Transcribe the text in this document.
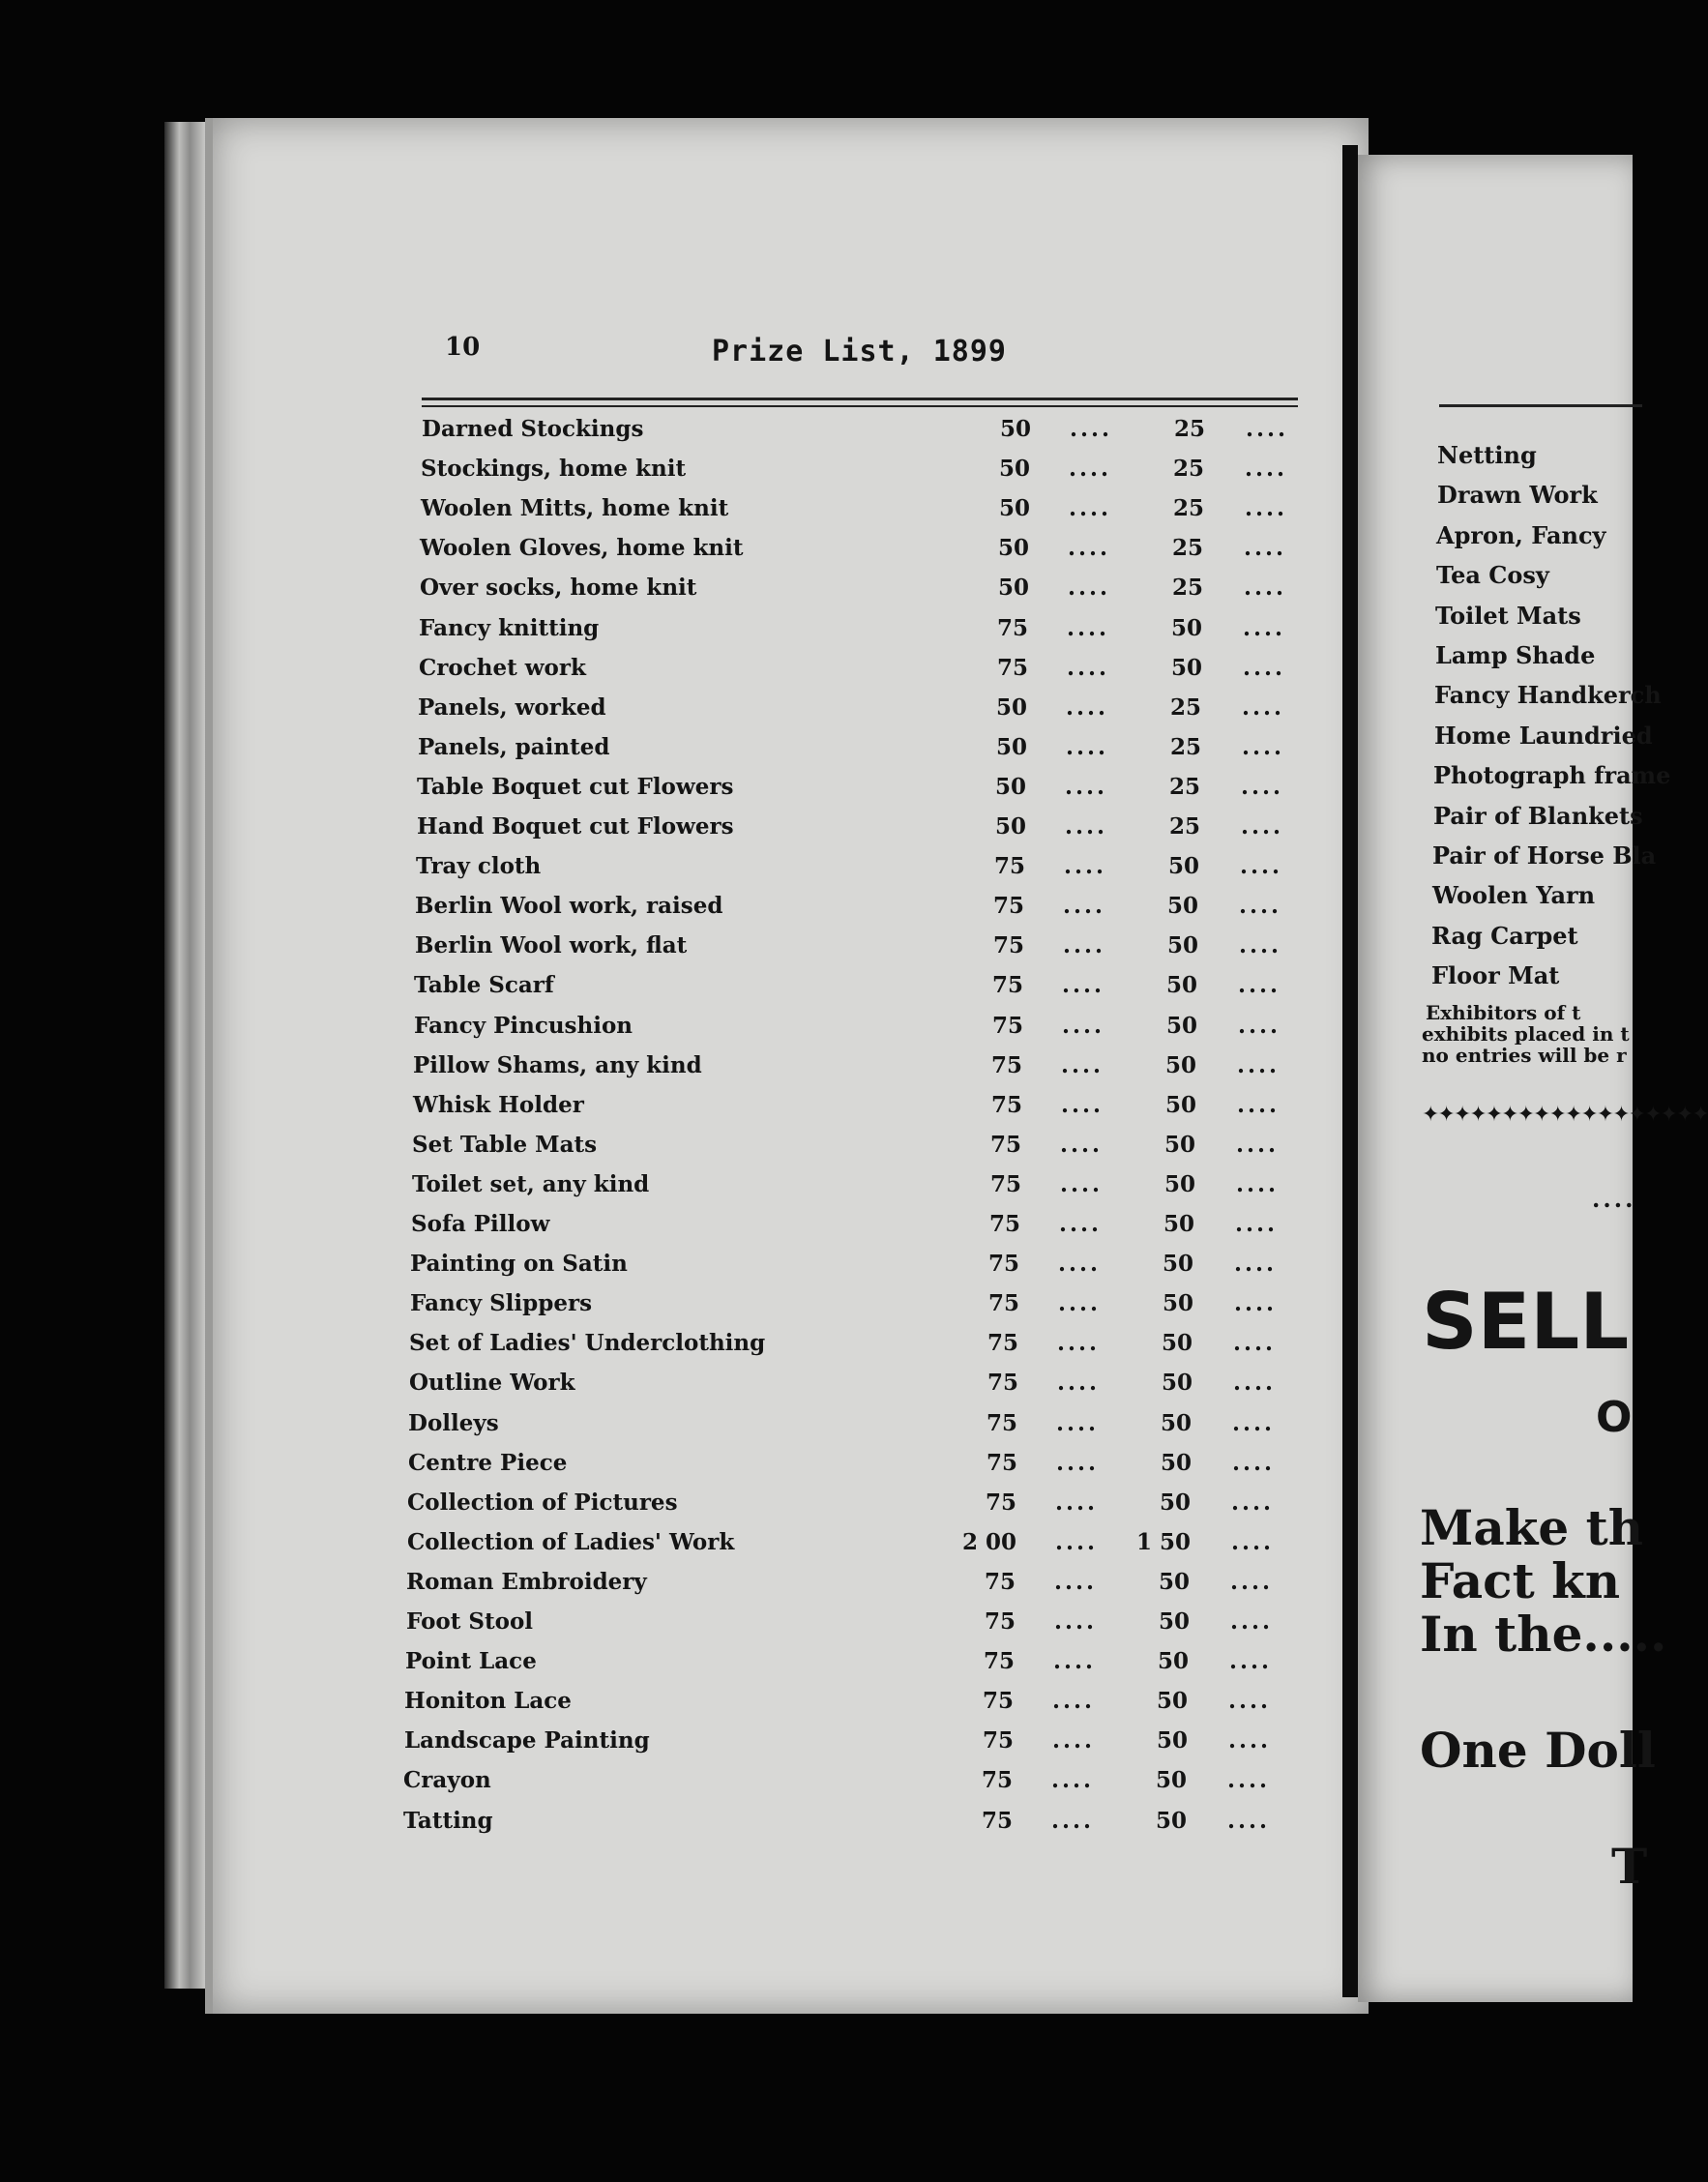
10	Prize List, 1899
Darned Stockings	50 ....	25 ....
Stockings, home knit	50 ....	25 ....
Woolen Mitts, home knit	50 ....	25 ....
Woolen Gloves, home knit	50 ....	25 ....
Over socks, home knit	50 ....	25 ....
Fancy knitting	75 ....	50 ....
Crochet work	75 ....	50 ....
Panels, worked	50 ....	25 ....
Panels, painted	50 ....	25 ....
Table Boquet cut Flowers	50 ....	25 ....
Hand Boquet cut Flowers	50 ....	25 ....
Tray cloth	75 ....	50 ....
Berlin Wool work, raised	75 ....	50 ....
Berlin Wool work, flat	75 ....	50 ....
Table Scarf	75 ....	50 ....
Fancy Pincushion	75 ....	50 ....
Pillow Shams, any kind	75 ....	50 ....
Whisk Holder	75 ....	50 ....
Set Table Mats	75 ....	50 ....
Toilet set, any kind	75 ....	50 ....
Sofa Pillow	75 ....	50 ....
Painting on Satin	75 ....	50 ....
Fancy Slippers	75 ....	50 ....
Set of Ladies' Underclothing	75 ....	50 ....
Outline Work	75 ....	50 ....
Dolleys	75 ....	50 ....
Centre Piece	75 ....	50 ....
Collection of Pictures	75 ....	50 ....
Collection of Ladies' Work	2 00 ....	1 50 ....
Roman Embroidery	75 ....	50 ....
Foot Stool	75 ....	50 ....
Point Lace	75 ....	50 ....
Honiton Lace	75 ....	50 ....
Landscape Painting	75 ....	50 ....
Crayon	75 ....	50 ....
Tatting	75 ....	50 ....
Netting
Drawn Work
Apron, Fancy
Tea Cosy
Toilet Mats
Lamp Shade
Fancy Handkerch
Home Laundried
Photograph frame
Pair of Blankets
Pair of Horse Bla
Woolen Yarn
Rag Carpet
Floor Mat
Exhibitors of t
exhibits placed in t
no entries will be r
✦✦✦✦✦✦✦✦✦✦✦✦✦✦✦✦✦✦
....
SELL
O
Make th
Fact kn
In the.....
One Doll
T
